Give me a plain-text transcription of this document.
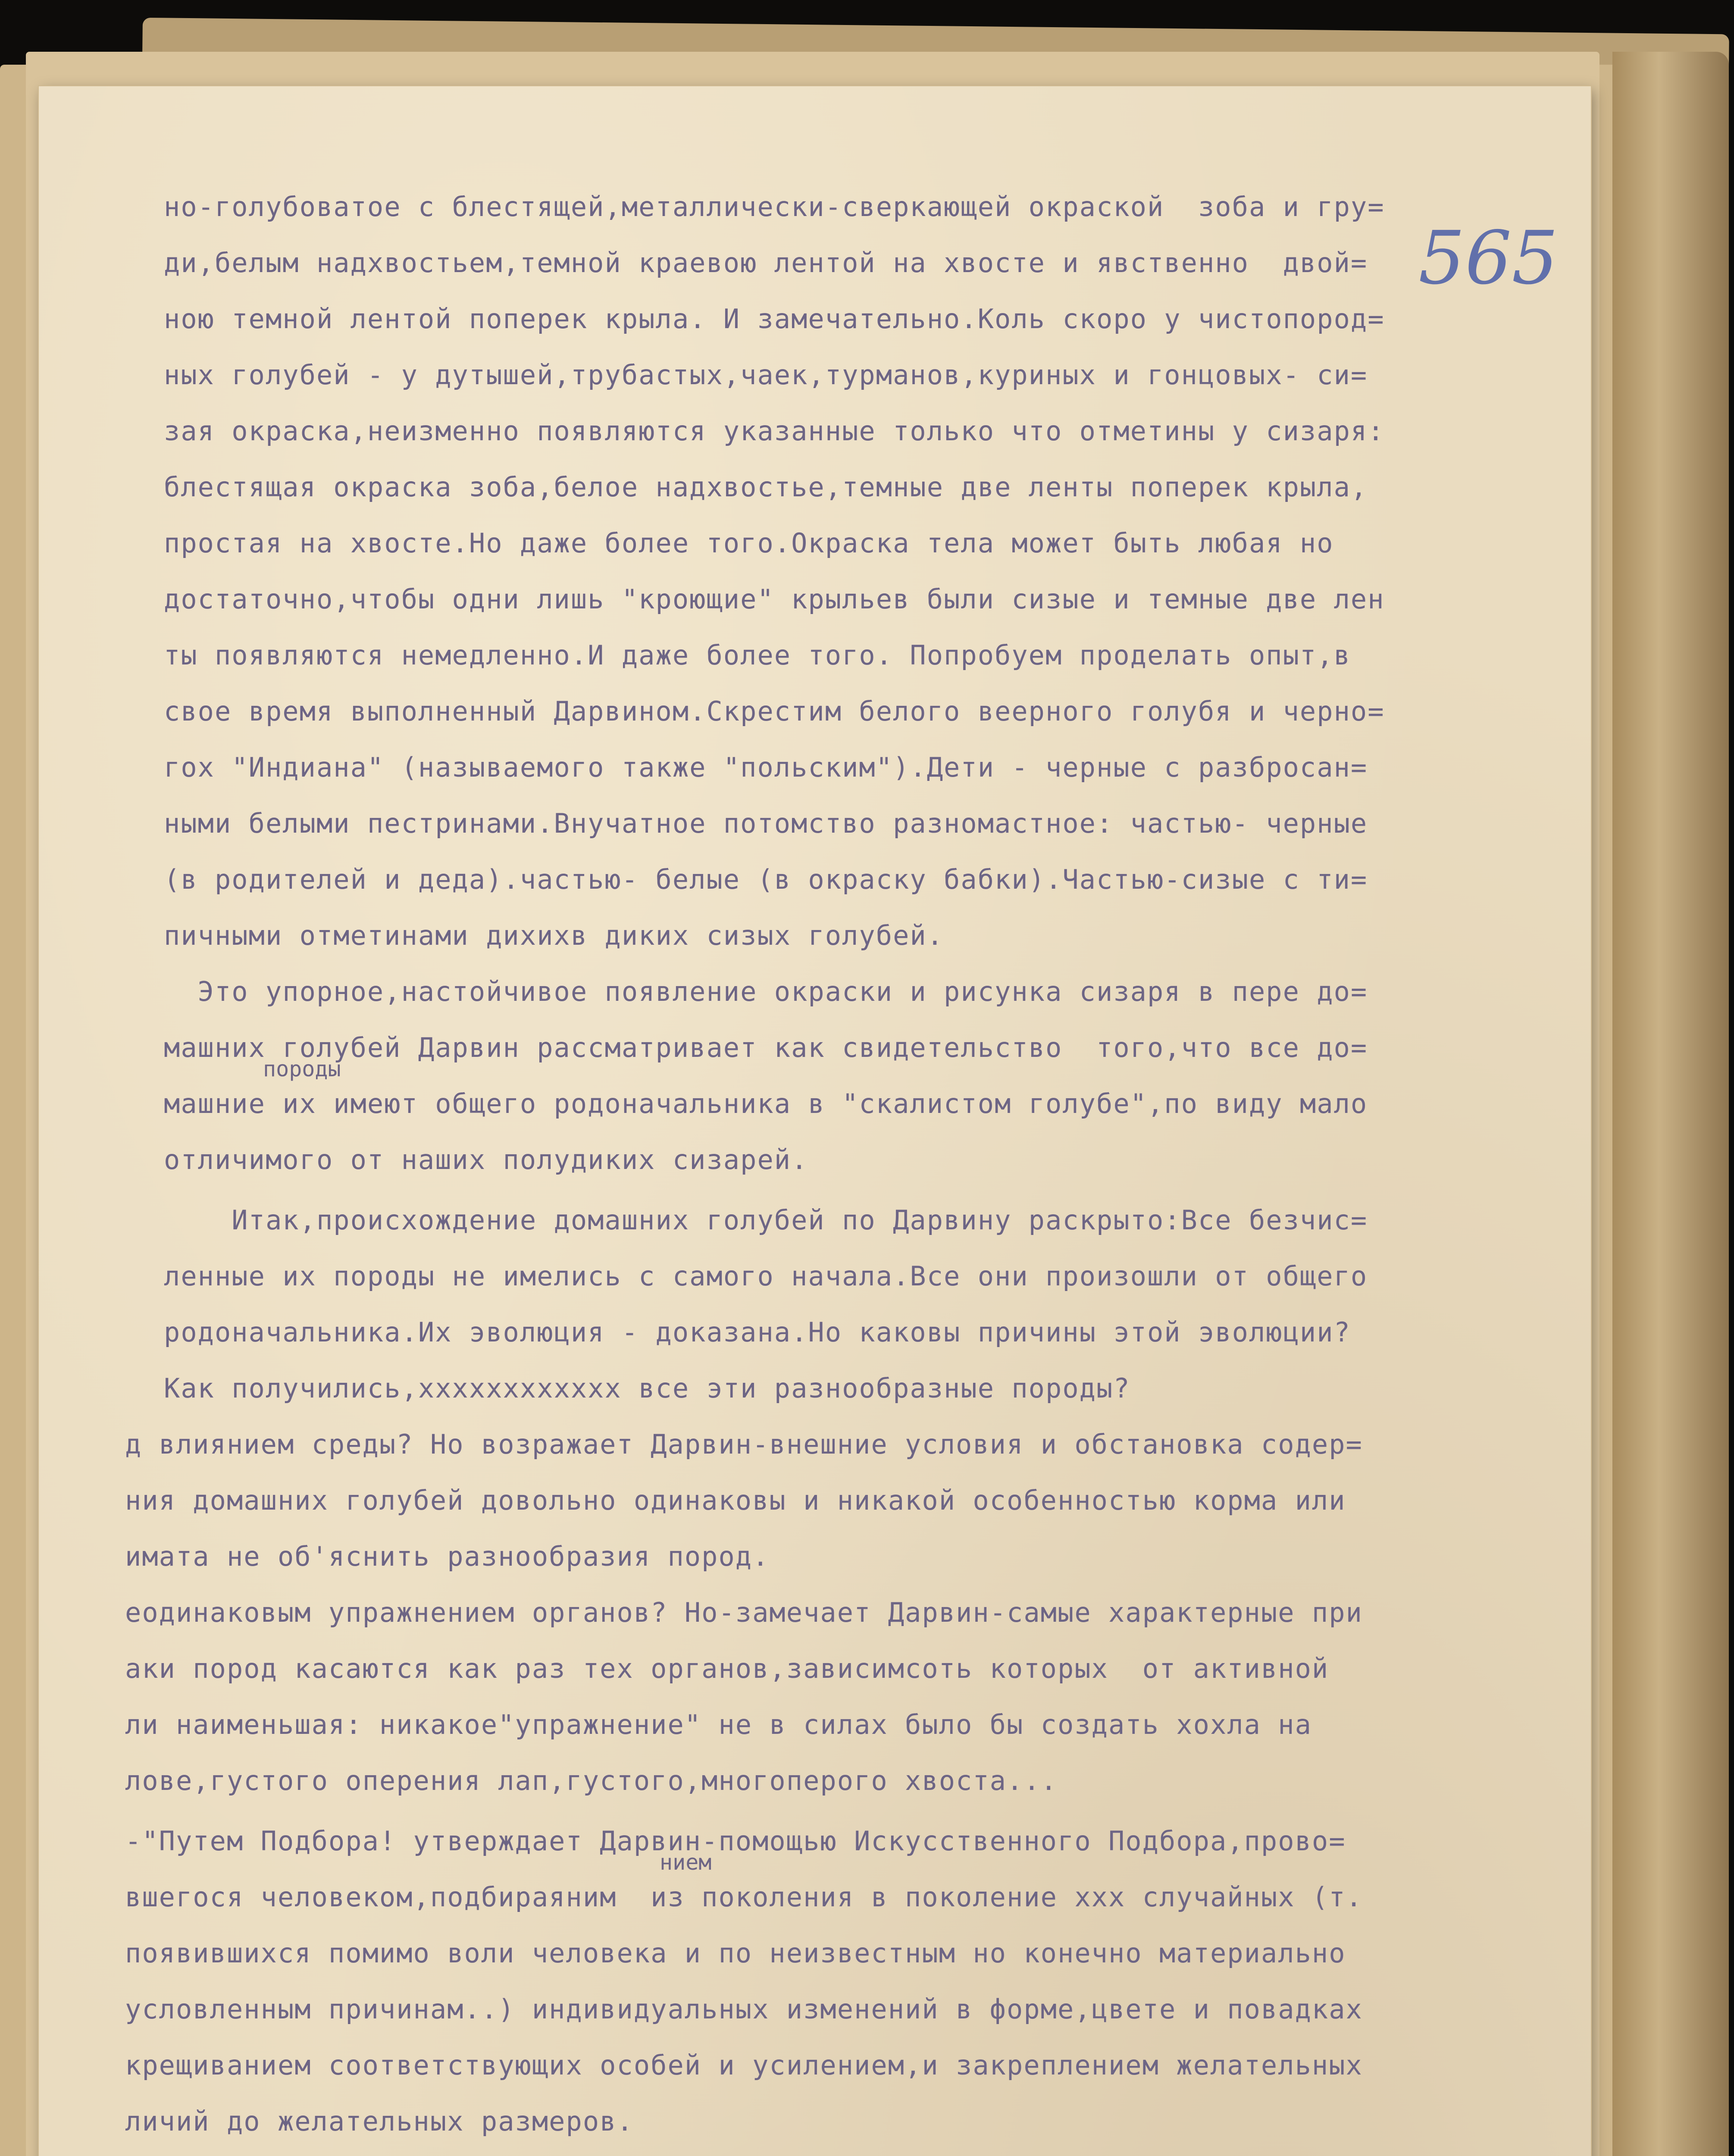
565
но-голубоватое с блестящей,металлически-сверкающей окраской  зоба и гру=
ди,белым надхвостьем,темной краевою лентой на хвосте и явственно  двой=
ною темной лентой поперек крыла. И замечательно.Коль скоро у чистопород=
ных голубей - у дутышей,трубастых,чаек,турманов,куриных и гонцовых- си=
зая окраска,неизменно появляются указанные только что отметины у сизаря:
блестящая окраска зоба,белое надхвостье,темные две ленты поперек крыла,
простая на хвосте.Но даже более того.Окраска тела может быть любая но
достаточно,чтобы одни лишь "кроющие" крыльев были сизые и темные две лен
ты появляются немедленно.И даже более того. Попробуем проделать опыт,в
свое время выполненный Дарвином.Скрестим белого веерного голубя и черно=
гох "Индиана" (называемого также "польским").Дети - черные с разбросан=
ными белыми пестринами.Внучатное потомство разномастное: частью- черные
(в родителей и деда).частью- белые (в окраску бабки).Частью-сизые с ти=
пичными отметинами дихихв диких сизых голубей.
Это упорное,настойчивое появление окраски и рисунка сизаря в пере до=
машних голубей Дарвин рассматривает как свидетельство  того,что все до=
породы
машние их имеют общего родоначальника в "скалистом голубе",по виду мало
отличимого от наших полудиких сизарей.
Итак,происхождение домашних голубей по Дарвину раскрыто:Все безчис=
ленные их породы не имелись с самого начала.Все они произошли от общего
родоначальника.Их эволюция - доказана.Но каковы причины этой эволюции?
Как получились,хххххххххххх все эти разнообразные породы?
д влиянием среды? Но возражает Дарвин-внешние условия и обстановка содер=
ния домашних голубей довольно одинаковы и никакой особенностью корма или
имата не об'яснить разнообразия пород.
еодинаковым упражнением органов? Но-замечает Дарвин-самые характерные при
аки пород касаются как раз тех органов,зависимсоть которых  от активной
ли наименьшая: никакое"упражнение" не в силах было бы создать хохла на
лове,густого оперения лап,густого,многоперого хвоста...
-"Путем Подбора! утверждает Дарвин-помощью Искусственного Подбора,прово=
нием
вшегося человеком,подбираяним  из поколения в поколение ххх случайных (т.
появившихся помимо воли человека и по неизвестным но конечно материально
условленным причинам..) индивидуальных изменений в форме,цвете и повадках
крещиванием соответствующих особей и усилением,и закреплением желательных
личий до желательных размеров.
